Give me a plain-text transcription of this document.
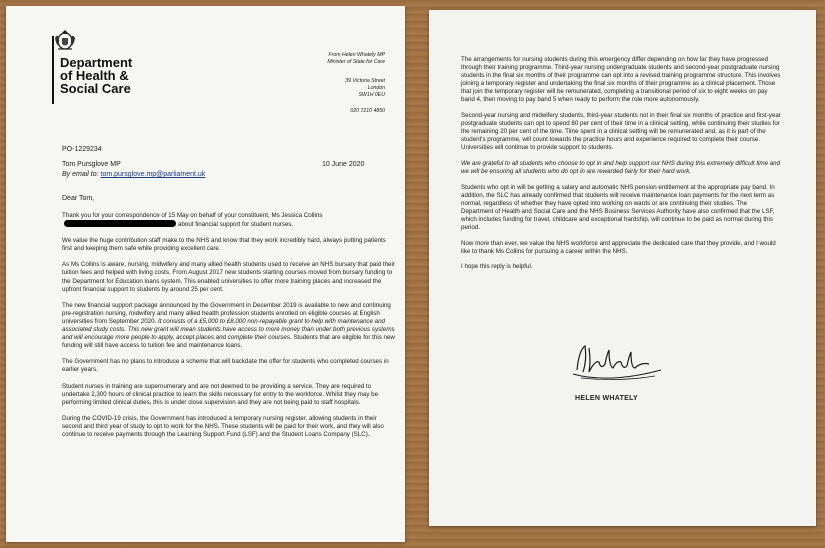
Department
of Health &
Social Care
From Helen Whately MP
Minister of State for Care
39 Victoria Street
London
SW1H 0EU
020 7210 4850
PO-1229234
Tom Pursglove MP
By email to: tom.pursglove.mp@parliament.uk
10 June 2020
Dear Tom,

Thank you for your correspondence of 15 May on behalf of your constituent, Ms Jessica Collinsabout financial support for student nurses.

We value the huge contribution staff make to the NHS and know that they work incredibly hard, always putting patients first and keeping them safe while providing excellent care.

As Ms Collins is aware, nursing, midwifery and many allied health students used to receive an NHS bursary that paid their tuition fees and helped with living costs. From August 2017 new students starting courses moved from bursary funding to the Department for Education loans system. This enabled universities to offer more training places and increased the upfront financial support to students by around 25 per cent.

The new financial support package announced by the Government in December 2019 is available to new and continuing pre-registration nursing, midwifery and many allied health profession students enrolled on eligible courses at English universities from September 2020. It consists of a £5,000 to £8,000 non-repayable grant to help with maintenance and associated study costs. This new grant will mean students have access to more money than under both previous systems and will encourage more people to apply, accept places and complete their courses. Students that are eligible for this new funding will still have access to tuition fee and maintenance loans.

The Government has no plans to introduce a scheme that will backdate the offer for students who completed courses in earlier years.

Student nurses in training are supernumerary and are not deemed to be providing a service. They are required to undertake 2,300 hours of clinical practice to learn the skills necessary for entry to the workforce. Whilst they may be performing limited clinical duties, this is under close supervision and they are not being paid to staff hospitals.

During the COVID-19 crisis, the Government has introduced a temporary nursing register, allowing students in their second and third year of study to opt to work for the NHS. These students will be paid for their work, and they will also continue to receive payments through the Learning Support Fund (LSF) and the Student Loans Company (SLC).

The arrangements for nursing students during this emergency differ depending on how far they have progressed through their training programme. Third-year nursing undergraduate students and second-year postgraduate nursing students in the final six months of their programme can opt into a revised training programme structure. This involves joining a temporary register and undertaking the final six months of their programme as a clinical placement. Those that join the temporary register will be remunerated, completing a transitional period of six to eight weeks on pay band 4, then moving to pay band 5 when ready to perform the role more autonomously.

Second-year nursing and midwifery students, third-year students not in their final six months of practice and first-year postgraduate students can opt to spend 80 per cent of their time in a clinical setting, while continuing their studies for the remaining 20 per cent of the time. Time spent in a clinical setting will be remunerated and, as it is part of the student's programme, will count towards the practice hours and experience required to complete their course. Universities will continue to provide support to students.

We are grateful to all students who choose to opt in and help support our NHS during this extremely difficult time and we will be ensuring all students who do opt in are rewarded fairly for their hard work.

Students who opt in will be getting a salary and automatic NHS pension entitlement at the appropriate pay band. In addition, the SLC has already confirmed that students will receive maintenance loan payments for the next term as normal, regardless of whether they have opted into working on wards or are continuing their studies. The Department of Health and Social Care and the NHS Business Services Authority have also confirmed that the LSF, which includes funding for travel, childcare and exceptional hardship, will continue to be paid as normal during this period.

Now more than ever, we value the NHS workforce and appreciate the dedicated care that they provide, and I would like to thank Ms Collins for pursuing a career within the NHS.

I hope this reply is helpful.

HELEN WHATELY
